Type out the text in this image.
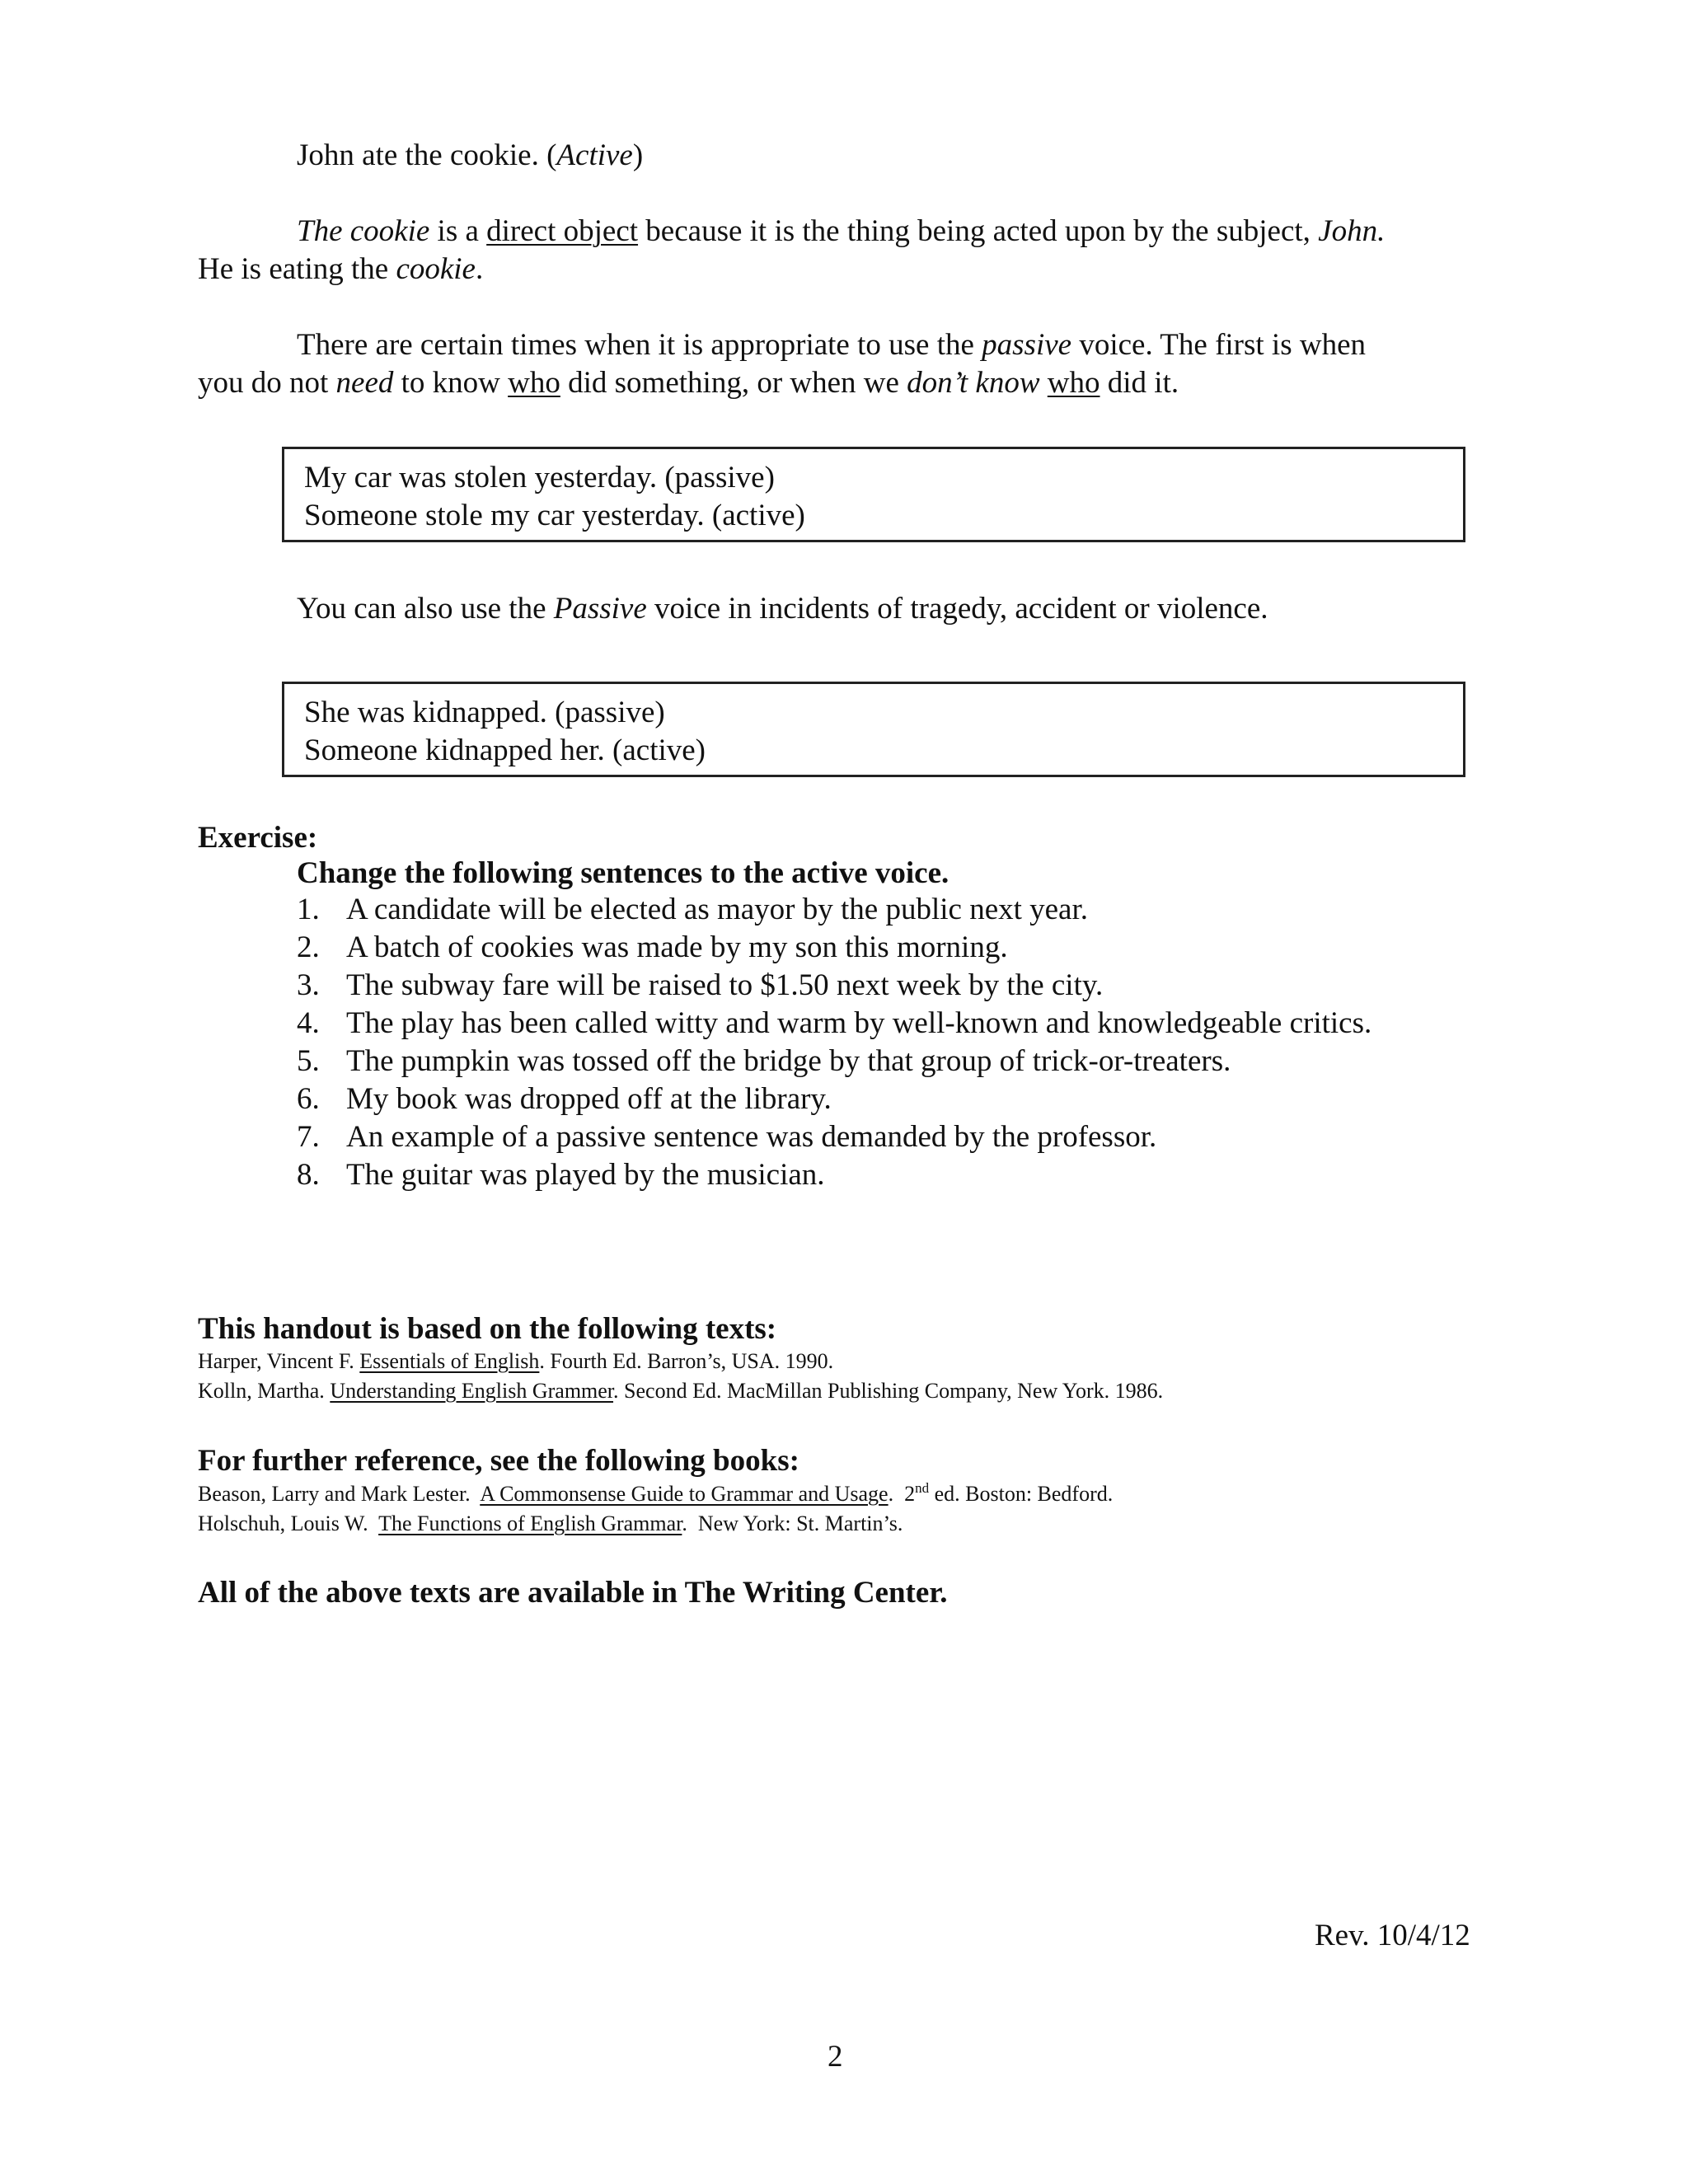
John ate the cookie. (Active)
The cookie is a direct object because it is the thing being acted upon by the subject, John.
He is eating the cookie.
There are certain times when it is appropriate to use the passive voice. The first is when
you do not need to know who did something, or when we don’t know who did it.
My car was stolen yesterday. (passive)
Someone stole my car yesterday. (active)
You can also use the Passive voice in incidents of tragedy, accident or violence.
She was kidnapped. (passive)
Someone kidnapped her. (active)
Exercise:
Change the following sentences to the active voice.
1. A candidate will be elected as mayor by the public next year.
2. A batch of cookies was made by my son this morning.
3. The subway fare will be raised to $1.50 next week by the city.
4. The play has been called witty and warm by well-known and knowledgeable critics.
5. The pumpkin was tossed off the bridge by that group of trick-or-treaters.
6. My book was dropped off at the library.
7. An example of a passive sentence was demanded by the professor.
8. The guitar was played by the musician.
This handout is based on the following texts:
Harper, Vincent F. Essentials of English. Fourth Ed. Barron’s, USA. 1990.
Kolln, Martha. Understanding English Grammer. Second Ed. MacMillan Publishing Company, New York. 1986.
For further reference, see the following books:
Beason, Larry and Mark Lester.  A Commonsense Guide to Grammar and Usage.  2nd ed. Boston: Bedford.
Holschuh, Louis W.  The Functions of English Grammar.  New York: St. Martin’s.
All of the above texts are available in The Writing Center.
Rev. 10/4/12
2
